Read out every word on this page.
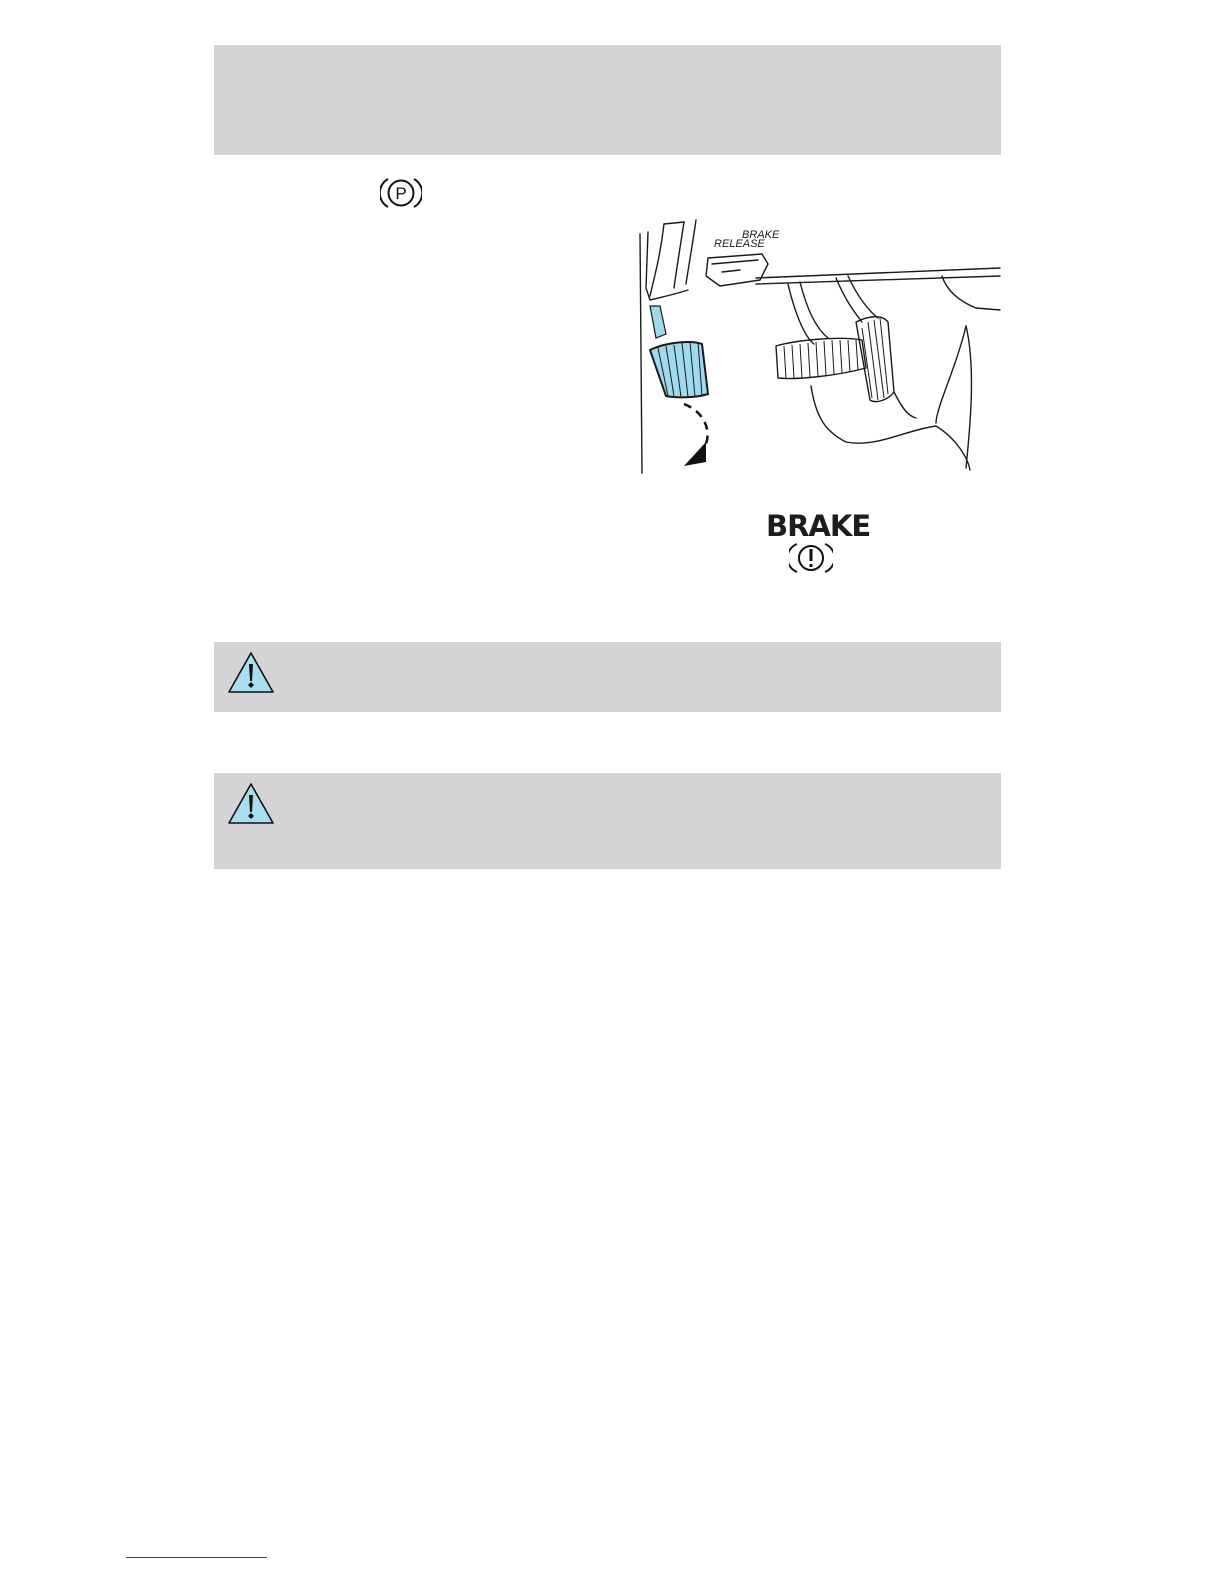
P
BRAKE
RELEASE
BRAKE
